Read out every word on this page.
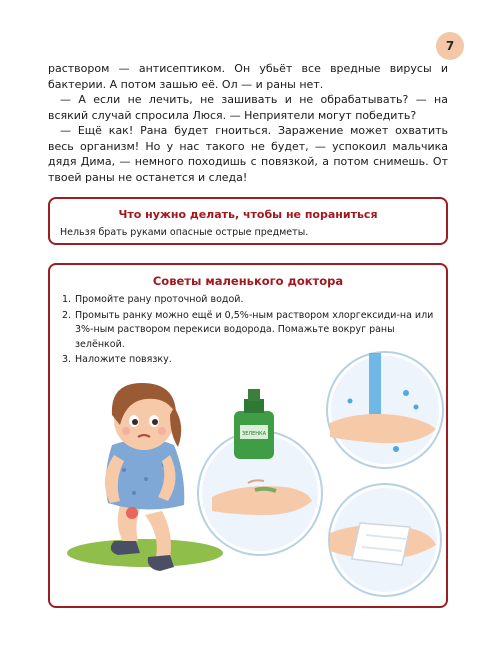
7

раствором — антисептиком. Он убьёт все вредные вирусы и бактерии. А потом зашью её. Ол — и раны нет.

— А если не лечить, не зашивать и не обрабатывать? — на всякий случай спросила Люся. — Неприятели могут победить?

— Ещё как! Рана будет гноиться. Заражение может охватить весь организм! Но у нас такого не будет, — успокоил мальчика дядя Дима, — немного походишь с повязкой, а потом снимешь. От твоей раны не останется и следа!

Что нужно делать, чтобы не пораниться
Нельзя брать руками опасные острые предметы.
Советы маленького доктора
1. Промойте рану проточной водой.
2. Промыть ранку можно ещё и 0,5%-ным раствором хлоргексиди-на или 3%-ным раствором перекиси водорода. Помажьте вокруг раны зелёнкой.
3. Наложите повязку.
ЗЕЛЕНКА
